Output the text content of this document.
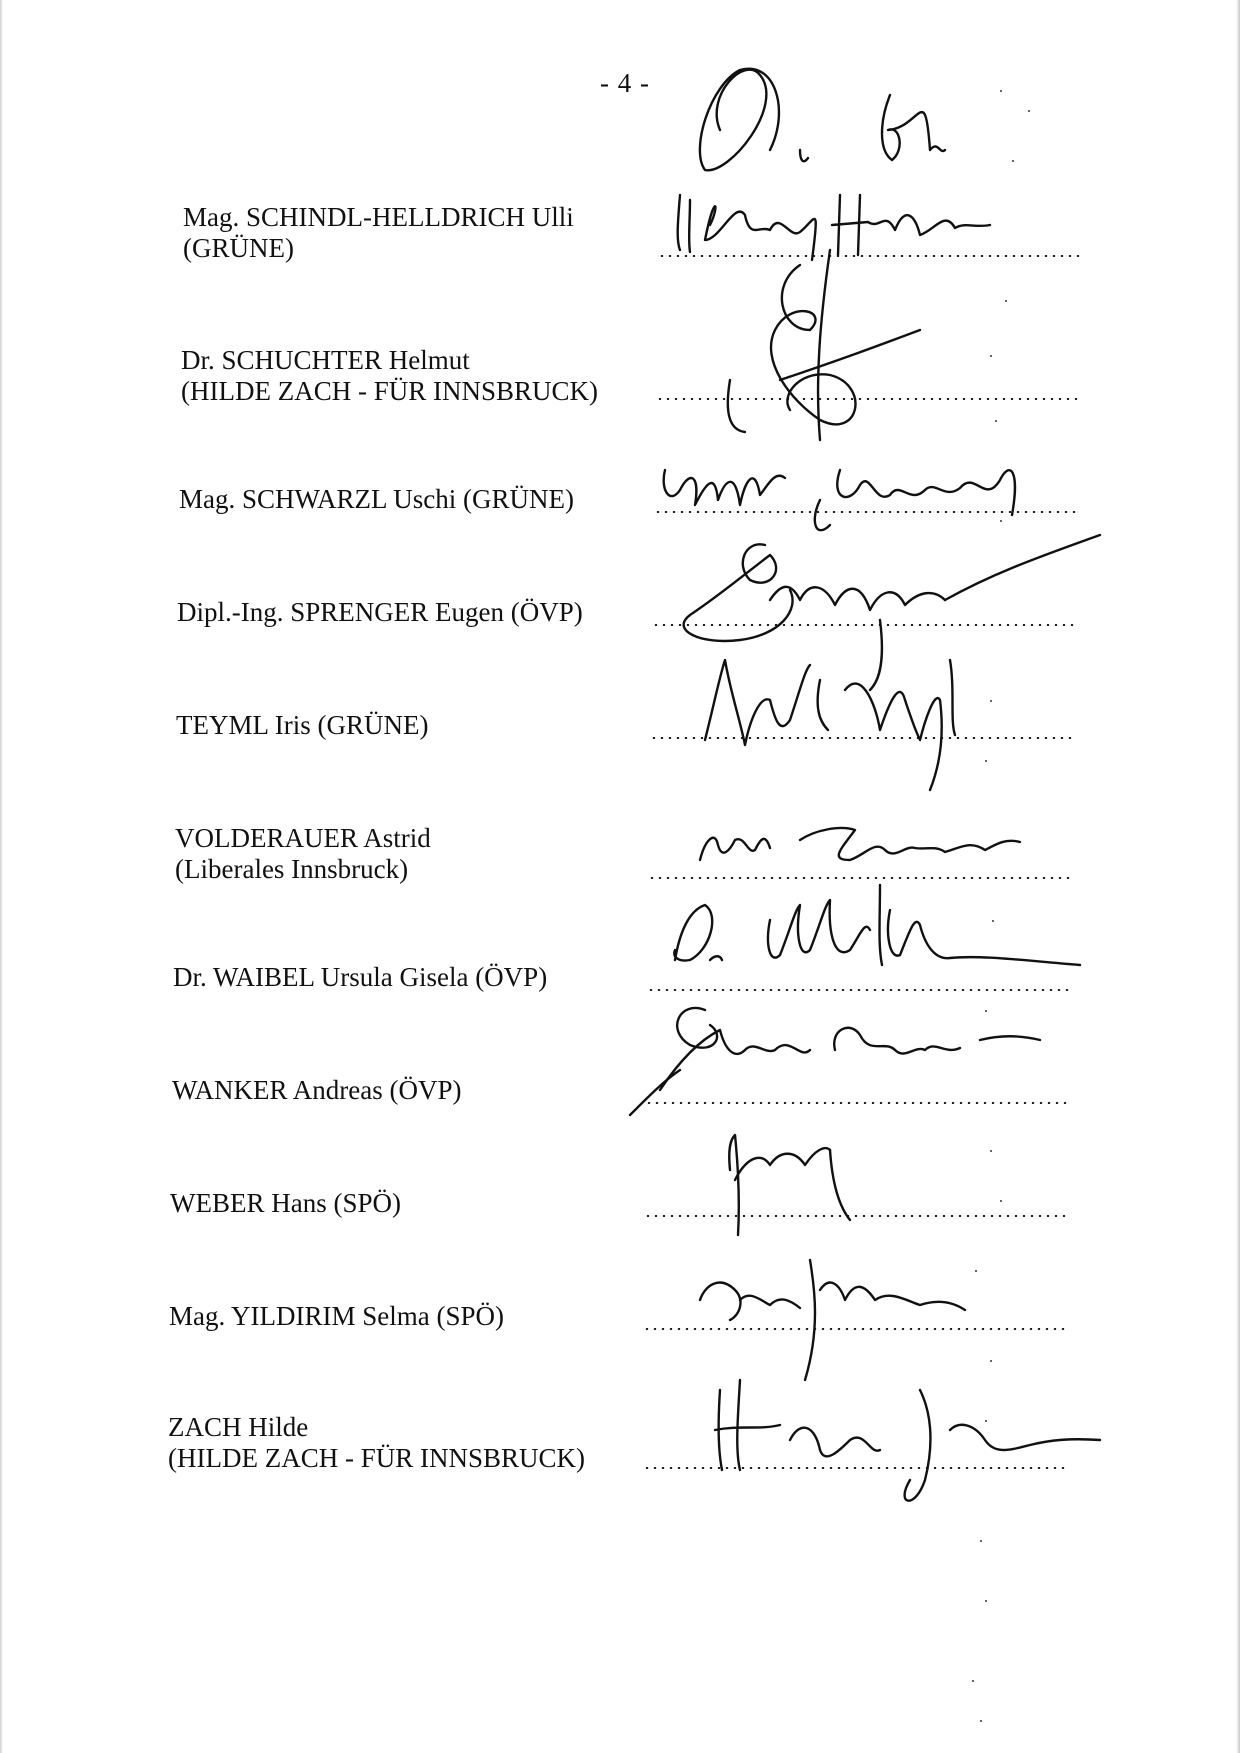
- 4 -
Mag. SCHINDL-HELLDRICH Ulli
(GRÜNE)
Dr. SCHUCHTER Helmut
(HILDE ZACH - FÜR INNSBRUCK)
Mag. SCHWARZL Uschi (GRÜNE)
Dipl.-Ing. SPRENGER Eugen (ÖVP)
TEYML Iris (GRÜNE)
VOLDERAUER Astrid
(Liberales Innsbruck)
Dr. WAIBEL Ursula Gisela (ÖVP)
WANKER Andreas (ÖVP)
WEBER Hans (SPÖ)
Mag. YILDIRIM Selma (SPÖ)
ZACH Hilde
(HILDE ZACH - FÜR INNSBRUCK)
